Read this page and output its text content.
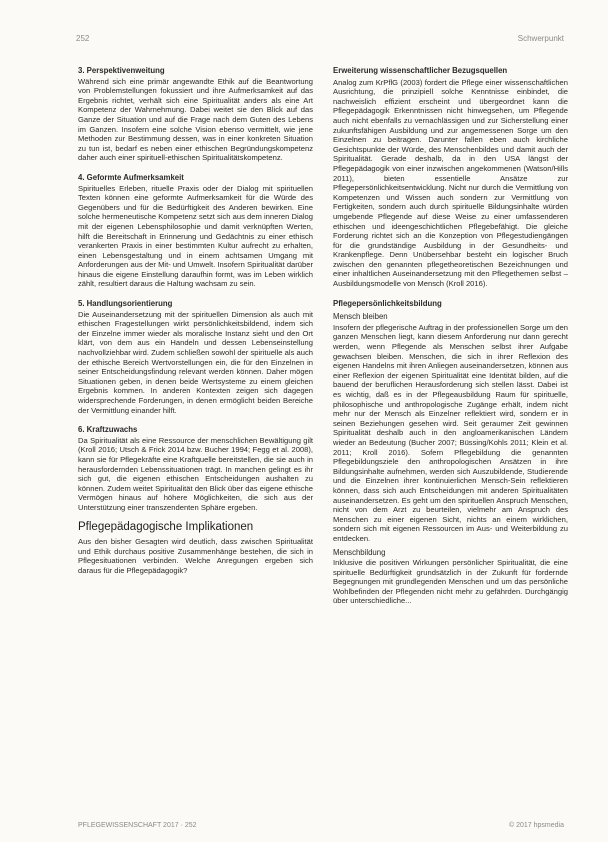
252	Schwerpunkt
3. Perspektivenweitung

Während sich eine primär angewandte Ethik auf die Beantwortung von Problemstellungen fokussiert und ihre Aufmerksamkeit auf das Ergebnis richtet, verhält sich eine Spiritualität anders als eine Art Kompetenz der Wahrnehmung. Dabei weitet sie den Blick auf das Ganze der Situation und auf die Frage nach dem Guten des Lebens im Ganzen. Insofern eine solche Vision ebenso vermittelt, wie jene Methoden zur Bestimmung dessen, was in einer konkreten Situation zu tun ist, bedarf es neben einer ethischen Begründungskompetenz daher auch einer spirituell-ethischen Spiritualitätskompetenz.

4. Geformte Aufmerksamkeit

Spirituelles Erleben, rituelle Praxis oder der Dialog mit spirituellen Texten können eine geformte Aufmerksamkeit für die Würde des Gegenübers und für die Bedürftigkeit des Anderen bewirken. Eine solche hermeneutische Kompetenz setzt sich aus dem inneren Dialog mit der eigenen Lebensphilosophie und damit verknüpften Werten, hilft die Bereitschaft in Erinnerung und Gedächtnis zu einer ethisch verankerten Praxis in einer bestimmten Kultur aufrecht zu erhalten, einen Lebensgestaltung und in einem achtsamen Umgang mit Anforderungen aus der Mit- und Umwelt. Insofern Spiritualität darüber hinaus die eigene Einstellung daraufhin formt, was im Leben wirklich zählt, resultiert daraus die Haltung wachsam zu sein.

5. Handlungsorientierung

Die Auseinandersetzung mit der spirituellen Dimension als auch mit ethischen Fragestellungen wirkt persönlichkeitsbildend, indem sich der Einzelne immer wieder als moralische Instanz sieht und den Ort klärt, von dem aus ein Handeln und dessen Lebenseinstellung nachvollziehbar wird. Zudem schließen sowohl der spirituelle als auch der ethische Bereich Wertvorstellungen ein, die für den Einzelnen in seiner Entscheidungsfindung relevant werden können. Daher mögen Situationen geben, in denen beide Wertsysteme zu einem gleichen Ergebnis kommen. In anderen Kontexten zeigen sich dagegen widersprechende Forderungen, in denen ermöglicht beiden Bereiche der Vermittlung einander hilft.

6. Kraftzuwachs

Da Spiritualität als eine Ressource der menschlichen Bewältigung gilt (Kroll 2016; Utsch & Frick 2014 bzw. Bucher 1994; Fegg et al. 2008), kann sie für Pflegekräfte eine Kraftquelle bereitstellen, die sie auch in herausfordernden Lebenssituationen trägt. In manchen gelingt es ihr sich gut, die eigenen ethischen Entscheidungen aushalten zu können. Zudem weitet Spiritualität den Blick über das eigene ethische Vermögen hinaus auf höhere Möglichkeiten, die sich aus der Unterstützung einer transzendenten Sphäre ergeben.

Pflegepädagogische Implikationen

Aus den bisher Gesagten wird deutlich, dass zwischen Spiritualität und Ethik durchaus positive Zusammenhänge bestehen, die sich in Pflegesituationen verbinden. Welche Anregungen ergeben sich daraus für die Pflegepädagogik?

Erweiterung wissenschaftlicher Bezugsquellen

Analog zum KrPflG (2003) fordert die Pflege einer wissenschaftlichen Ausrichtung, die prinzipiell solche Kenntnisse einbindet, die nachweislich effizient erscheint und übergeordnet kann die Pflegepädagogik Erkenntnissen nicht hinwegsehen, um Pflegende auch nicht ebenfalls zu vernachlässigen und zur Sicherstellung einer zukunftsfähigen Ausbildung und zur angemessenen Sorge um den Einzelnen zu beitragen. Darunter fallen eben auch kirchliche Gesichtspunkte der Würde, des Menschenbildes und damit auch der Spiritualität. Gerade deshalb, da in den USA längst der Pflegepädagogik von einer inzwischen angekommenen (Watson/Hills 2011), bieten essentielle Ansätze zur Pflegepersönlichkeitsentwicklung. Nicht nur durch die Vermittlung von Kompetenzen und Wissen auch sondern zur Vermittlung von Fertigkeiten, sondern auch durch spirituelle Bildungsinhalte würden umgebende Pflegende auf diese Weise zu einer umfassenderen ethischen und ideengeschichtlichen Pflegebefähigt. Die gleiche Forderung richtet sich an die Konzeption von Pflegestudiengängen für die grundständige Ausbildung in der Gesundheits- und Krankenpflege. Denn Unübersehbar besteht ein logischer Bruch zwischen den genannten pflegetheoretischen Bezeichnungen und einer inhaltlichen Auseinandersetzung mit den Pflegethemen selbst – Ausbildungsmodelle von Mensch (Kroll 2016).

Pflegepersönlichkeitsbildung
Mensch bleiben

Insofern der pflegerische Auftrag in der professionellen Sorge um den ganzen Menschen liegt, kann diesem Anforderung nur dann gerecht werden, wenn Pflegende als Menschen selbst ihrer Aufgabe gewachsen bleiben. Menschen, die sich in ihrer Reflexion des eigenen Handelns mit ihren Anliegen auseinandersetzen, können aus einer Reflexion der eigenen Spiritualität eine Identität bilden, auf die bauend der beruflichen Herausforderung sich stellen lässt. Dabei ist es wichtig, daß es in der Pflegeausbildung Raum für spirituelle, philosophische und anthropologische Zugänge erhält, indem nicht mehr nur der Mensch als Einzelner reflektiert wird, sondern er in seinen Beziehungen gesehen wird. Seit geraumer Zeit gewinnen Spiritualität deshalb auch in den angloamerikanischen Ländern wieder an Bedeutung (Bucher 2007; Büssing/Kohls 2011; Klein et al. 2011; Kroll 2016). Sofern Pflegebildung die genannten Pflegebildungsziele den anthropologischen Ansätzen in ihre Bildungsinhalte aufnehmen, werden sich Auszubildende, Studierende und die Einzelnen ihrer kontinuierlichen Mensch-Sein reflektieren können, dass sich auch Entscheidungen mit anderen Spiritualitäten auseinandersetzen. Es geht um den spirituellen Anspruch Menschen, nicht von dem Arzt zu beurteilen, vielmehr am Anspruch des Menschen zu einer eigenen Sicht, nichts an einem wirklichen, sondern sich mit eigenen Ressourcen im Aus- und Weiterbildung zu entdecken.

Menschbildung

Inklusive die positiven Wirkungen persönlicher Spiritualität, die eine spirituelle Bedürftigkeit grundsätzlich in der Zukunft für fordernde Begegnungen mit grundlegenden Menschen und um das persönliche Wohlbefinden der Pflegenden nicht mehr zu gefährden. Durchgängig über unterschiedliche...

PFLEGEWISSENSCHAFT 2017 · 252	© 2017 hpsmedia
